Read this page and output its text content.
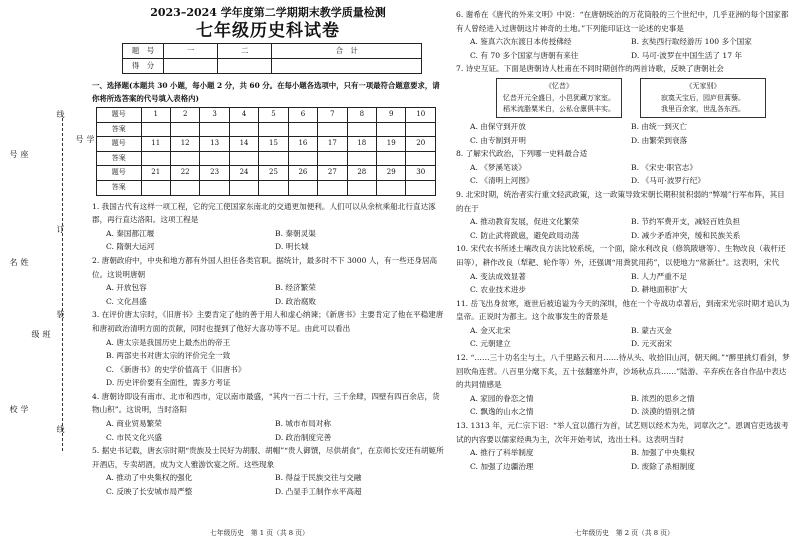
座
号
姓
名
学
校
线
订
装
线
班
级
学
号
2023–2024 学年度第二学期期末教学质量检测
七年级历史科试卷
题　号	一	二	合　计
得　分			
一、选择题(本题共 30 小题，每小题 2 分，共 60 分。在每小题各选项中，只有一项最符合题意要求，请你将所选答案的代号填入表格内)
题号	1	2	3	4	5	6	7	8	9	10
答案										
题号	11	12	13	14	15	16	17	18	19	20
答案										
题号	21	22	23	24	25	26	27	28	29	30
答案										
1. 我国古代有这样一项工程，它的完工使国家东南北的交通更加便利。人们可以从余杭乘船北行直达涿郡，再行直达洛阳。这项工程是
A. 秦国都江堰	B. 秦朝灵渠
C. 隋朝大运河	D. 明长城
2. 唐朝政府中，中央和地方都有外国人担任各类官职。据统计，最多时不下 3000 人，有一些还身居高位。这说明唐朝
A. 开放包容	B. 经济繁荣
C. 文化昌盛	D. 政治腐败
3. 在评价唐太宗时，《旧唐书》主要肯定了他的善于用人和虚心纳谏；《新唐书》主要肯定了他在平稳建唐和唐初政治清明方面的贡献，同时也提到了他好大喜功等不足。由此可以看出
A. 唐太宗是我国历史上最杰出的帝王
B. 两部史书对唐太宗的评价完全一致
C. 《新唐书》的史学价值高于《旧唐书》
D. 历史评价要有全面性，需多方考证
4. 唐朝诗即设有南市、北市和西市，定以南市最盛，“其内一百二十行，三千余肆，四壁有四百余店，货物山积”。这说明，当时洛阳
A. 商业贸易繁荣	B. 城市布局对称
C. 市民文化兴盛	D. 政治制度完善
5. 据史书记载，唐玄宗时期“贵族及士民好为胡服、胡帽”“贵人御馔，尽供胡食”，在京师长安还有胡姬所开酒店，专卖胡酒，成为文人雅游饮宴之所。这些现象
A. 推动了中央集权的强化	B. 得益于民族交往与交融
C. 反映了长安城市局严整	D. 凸显手工制作水平高超
6. 谢希在《唐代的外来文明》中说：“在唐朝统治的万花筒般的三个世纪中，几乎亚洲的每个国家都有人曾经进入过唐朝这片神奇的土地。”下列能印证这一论述的史事是
A. 鉴真六次东渡日本传授佛经	B. 玄奘西行取经游历 100 多个国家
C. 有 70 多个国家与唐朝有来往	D. 马可·波罗在中国生活了 17 年
7. 诗史互证。下面是唐朝诗人杜甫在不同时期创作的两首诗歌，反映了唐朝社会
《忆昔》
忆昔开元全盛日，小邑犹藏万家室。
稻米流脂粟米白，公私仓廪俱丰实。
《无家别》
寂寞天宝后，园庐但蒿藜。
我里百余家，世乱各东西。
A. 由保守到开放	B. 由统一到灭亡
C. 由专制到开明	D. 由繁荣到衰落
8. 了解宋代政治，下列哪一史料最合适
A. 《梦溪笔谈》	B. 《宋史·职官志》
C. 《清明上河图》	D. 《马可·波罗行纪》
9. 北宋时期，统治者实行重文轻武政策，这一政策导致宋朝长期积贫积弱的“弊端”行军布阵，其目的在于
A. 推动教育发展，促进文化繁荣	B. 节约军费开支，减轻百姓负担
C. 防止武将跋扈，避免政局动荡	D. 减少矛盾冲突，缓和民族关系
10. 宋代农书所述土壤改良方法比较系统，一个面，除水利改良（修筑陂塘等）、生物改良（栽杆还田等），耕作改良（犁耙、轮作等）外，还强调“用粪犹用药”，以使地力“常新壮”。这表明，宋代
A. 变法成效显著	B. 人力严重不足
C. 农业技术进步	D. 耕地面积扩大
11. 岳飞出身贫寒，逝世后被追谥为今天的深圳，他在一个寺战功卓著后，到南宋光宗时期才追认为皇帝。正说时为都主。这个故事发生的背景是
A. 金灭北宋	B. 蒙古灭金
C. 元朝建立	D. 元灭南宋
12. “……三十功名尘与土，八千里路云和月……待从头、收拾旧山河，朝天阙。”“醉里挑灯看剑，梦回吹角连营。八百里分麾下炙，五十弦翻塞外声，沙场秋点兵……”陆游、辛弃疾在各自作品中表达的共同情感是
A. 家园的眷恋之情	B. 浓烈的思乡之情
C. 飘逸的山水之情	D. 淡漠的悟别之情
13. 1313 年，元仁宗下诏：“举人宜以德行为首，试艺则以经术为先，词章次之”。恩调官吏选拔考试的内容要以儒家经典为主，次年开始考试，选出士科。这表明当时
A. 推行了科举制度	B. 加强了中央集权
C. 加强了边疆治理	D. 废除了杀相制度
七年级历史　第 1 页（共 8 页）	七年级历史　第 2 页（共 8 页）
